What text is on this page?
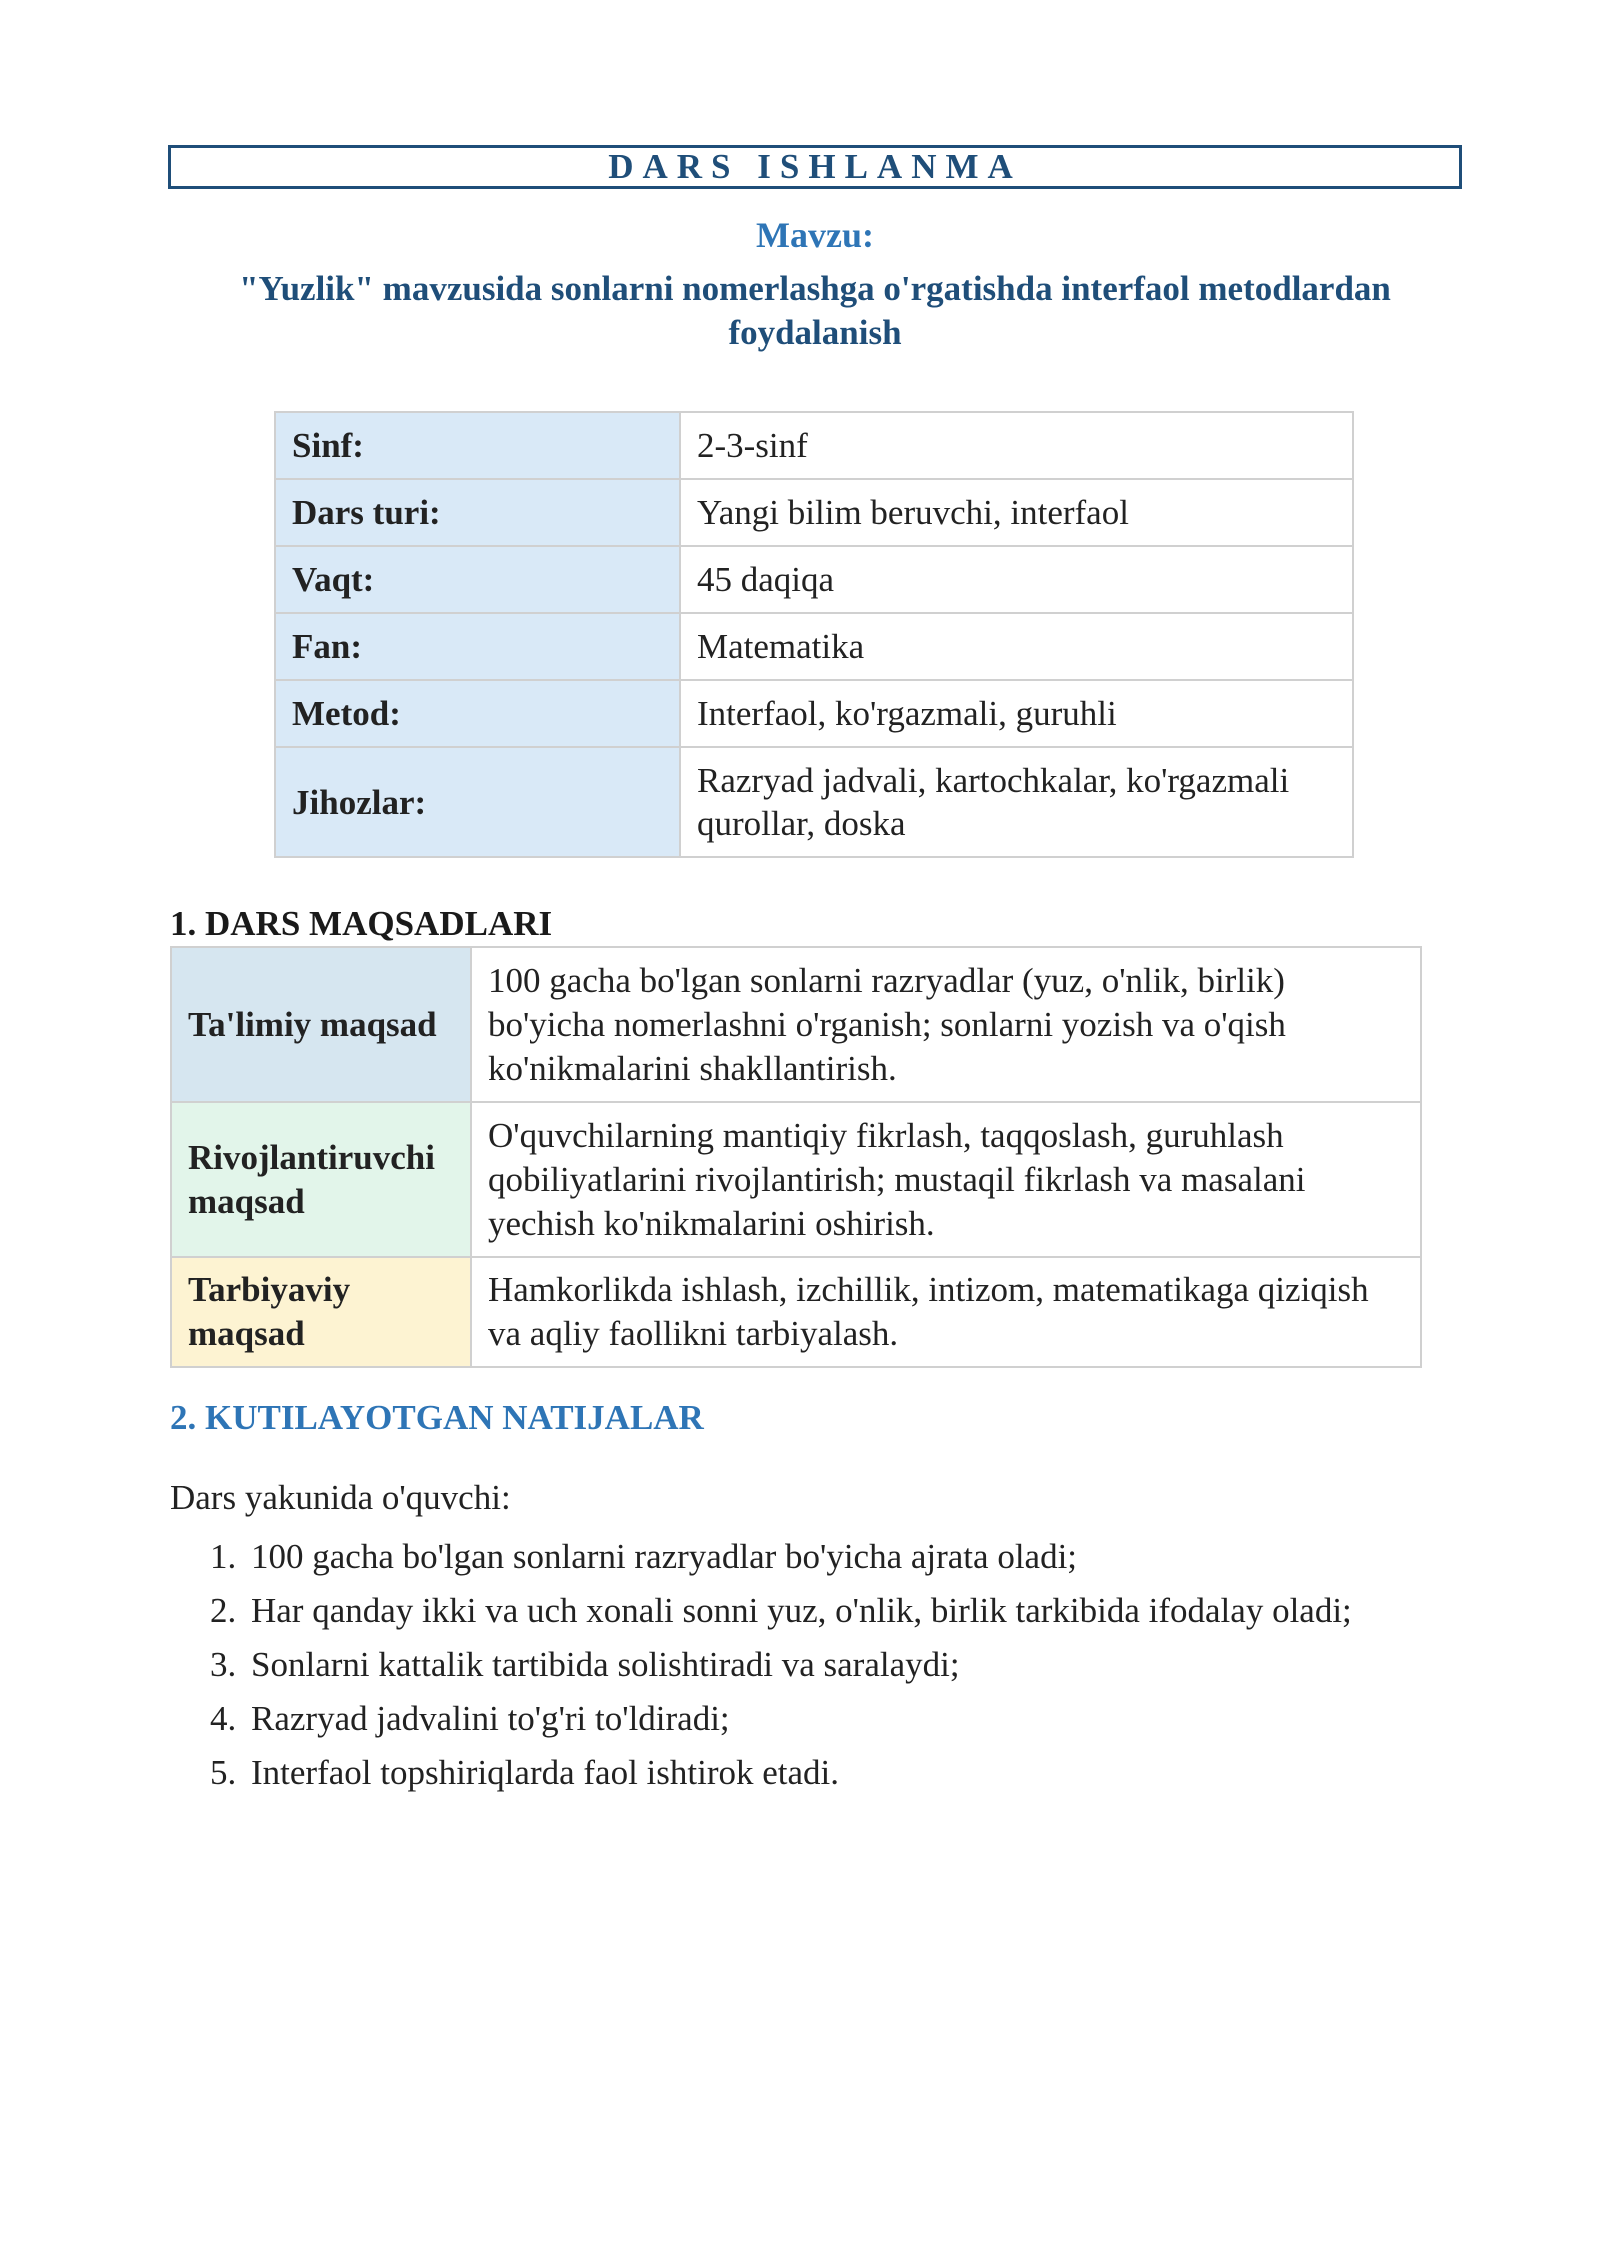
DARS ISHLANMA
Mavzu:
"Yuzlik" mavzusida sonlarni nomerlashga o'rgatishda interfaol metodlardan foydalanish
Sinf:	2-3-sinf
Dars turi:	Yangi bilim beruvchi, interfaol
Vaqt:	45 daqiqa
Fan:	Matematika
Metod:	Interfaol, ko'rgazmali, guruhli
Jihozlar:	Razryad jadvali, kartochkalar, ko'rgazmali qurollar, doska
1. DARS MAQSADLARI
Ta'limiy maqsad	100 gacha bo'lgan sonlarni razryadlar (yuz, o'nlik, birlik) bo'yicha nomerlashni o'rganish; sonlarni yozish va o'qish ko'nikmalarini shakllantirish.
Rivojlantiruvchi maqsad	O'quvchilarning mantiqiy fikrlash, taqqoslash, guruhlash qobiliyatlarini rivojlantirish; mustaqil fikrlash va masalani yechish ko'nikmalarini oshirish.
Tarbiyaviy maqsad	Hamkorlikda ishlash, izchillik, intizom, matematikaga qiziqish va aqliy faollikni tarbiyalash.
2. KUTILAYOTGAN NATIJALAR
Dars yakunida o'quvchi:
1. 100 gacha bo'lgan sonlarni razryadlar bo'yicha ajrata oladi;
2. Har qanday ikki va uch xonali sonni yuz, o'nlik, birlik tarkibida ifodalay oladi;
3. Sonlarni kattalik tartibida solishtiradi va saralaydi;
4. Razryad jadvalini to'g'ri to'ldiradi;
5. Interfaol topshiriqlarda faol ishtirok etadi.
